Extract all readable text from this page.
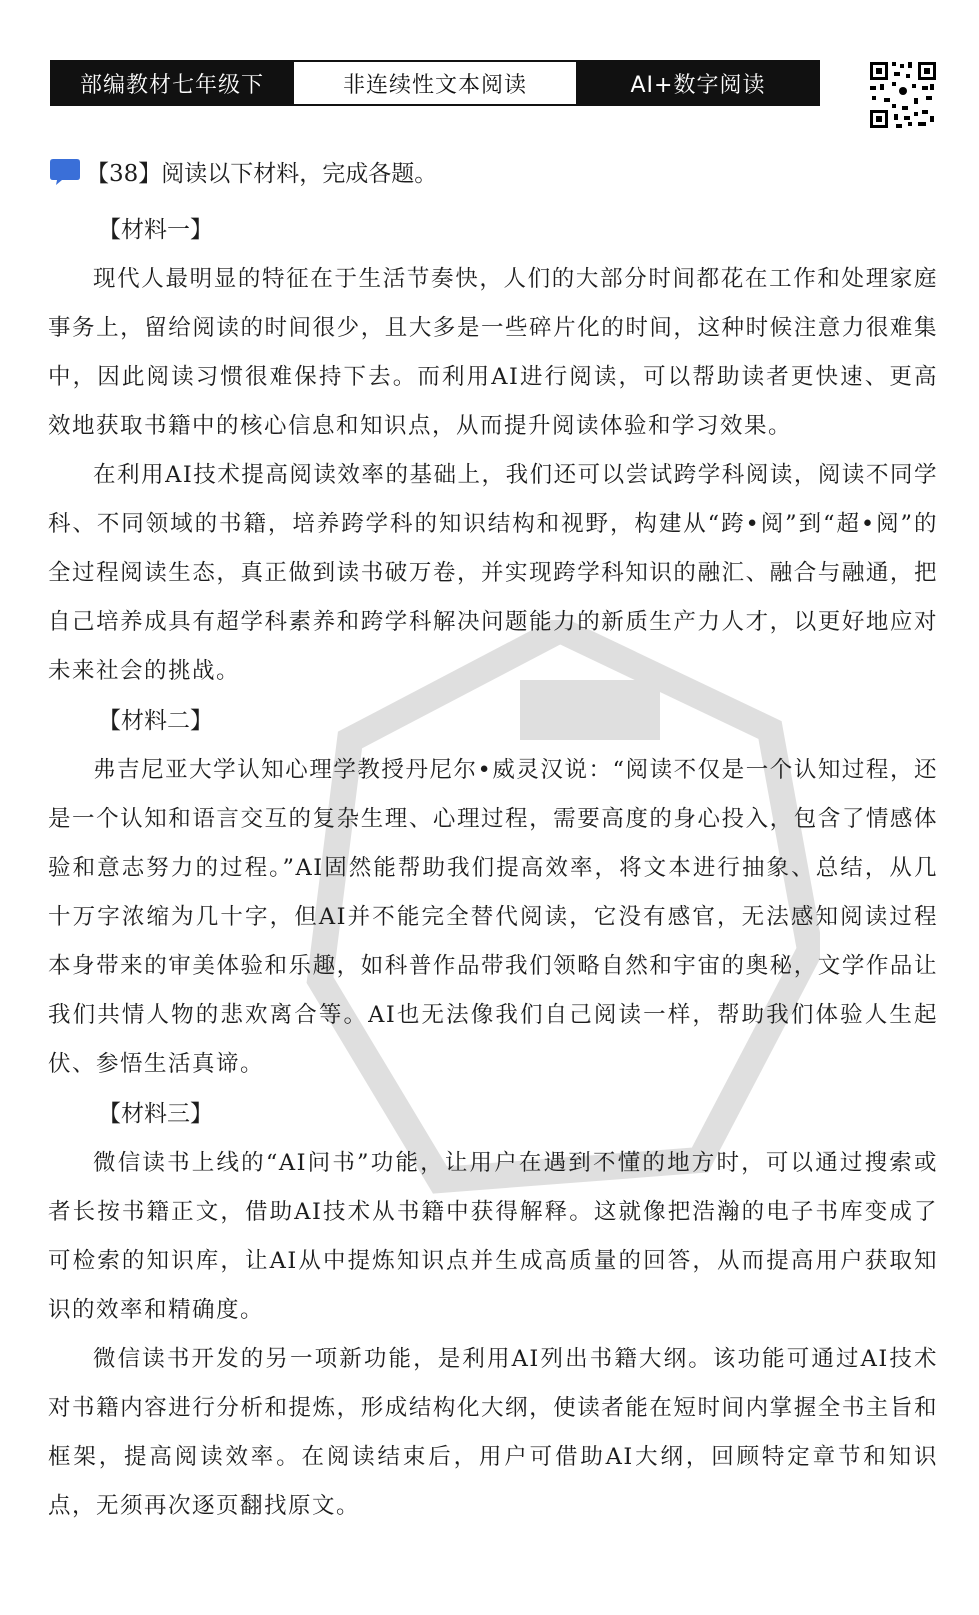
部编教材七年级下	非连续性文本阅读	AI+数字阅读
【38】阅读以下材料，完成各题。
【材料一】

现代人最明显的特征在于生活节奏快，人们的大部分时间都花在工作和处理家庭事务上，留给阅读的时间很少，且大多是一些碎片化的时间，这种时候注意力很难集中，因此阅读习惯很难保持下去。而利用AI进行阅读，可以帮助读者更快速、更高效地获取书籍中的核心信息和知识点，从而提升阅读体验和学习效果。

在利用AI技术提高阅读效率的基础上，我们还可以尝试跨学科阅读，阅读不同学科、不同领域的书籍，培养跨学科的知识结构和视野，构建从“跨•阅”到“超•阅”的全过程阅读生态，真正做到读书破万卷，并实现跨学科知识的融汇、融合与融通，把自己培养成具有超学科素养和跨学科解决问题能力的新质生产力人才，以更好地应对未来社会的挑战。

【材料二】

弗吉尼亚大学认知心理学教授丹尼尔•威灵汉说：“阅读不仅是一个认知过程，还是一个认知和语言交互的复杂生理、心理过程，需要高度的身心投入，包含了情感体验和意志努力的过程。”AI固然能帮助我们提高效率，将文本进行抽象、总结，从几十万字浓缩为几十字，但AI并不能完全替代阅读，它没有感官，无法感知阅读过程本身带来的审美体验和乐趣，如科普作品带我们领略自然和宇宙的奥秘，文学作品让我们共情人物的悲欢离合等。AI也无法像我们自己阅读一样，帮助我们体验人生起伏、参悟生活真谛。

【材料三】

微信读书上线的“AI问书”功能，让用户在遇到不懂的地方时，可以通过搜索或者长按书籍正文，借助AI技术从书籍中获得解释。这就像把浩瀚的电子书库变成了可检索的知识库，让AI从中提炼知识点并生成高质量的回答，从而提高用户获取知识的效率和精确度。

微信读书开发的另一项新功能，是利用AI列出书籍大纲。该功能可通过AI技术对书籍内容进行分析和提炼，形成结构化大纲，使读者能在短时间内掌握全书主旨和框架，提高阅读效率。在阅读结束后，用户可借助AI大纲，回顾特定章节和知识点，无须再次逐页翻找原文。
